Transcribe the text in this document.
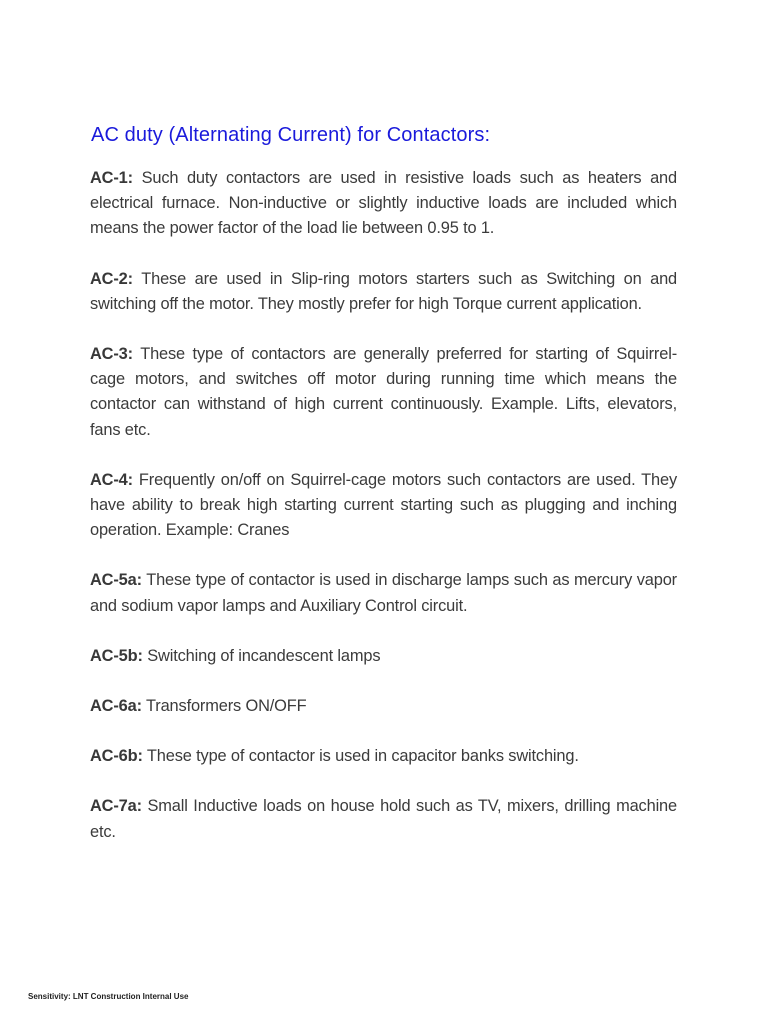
AC duty (Alternating Current) for Contactors:

AC-1: Such duty contactors are used in resistive loads such as heaters and electrical furnace. Non-inductive or slightly inductive loads are included which means the power factor of the load lie between 0.95 to 1.

AC-2: These are used in Slip-ring motors starters such as Switching on and switching off the motor. They mostly prefer for high Torque current application.

AC-3: These type of contactors are generally preferred for starting of Squirrel-cage motors, and switches off motor during running time which means the contactor can withstand of high current continuously. Example. Lifts, elevators, fans etc.

AC-4: Frequently on/off on Squirrel-cage motors such contactors are used. They have ability to break high starting current starting such as plugging and inching operation. Example: Cranes

AC-5a: These type of contactor is used in discharge lamps such as mercury vapor and sodium vapor lamps and Auxiliary Control circuit.

AC-5b: Switching of incandescent lamps

AC-6a: Transformers ON/OFF

AC-6b: These type of contactor is used in capacitor banks switching.

AC-7a: Small Inductive loads on house hold such as TV, mixers, drilling machine etc.

Sensitivity: LNT Construction Internal Use
